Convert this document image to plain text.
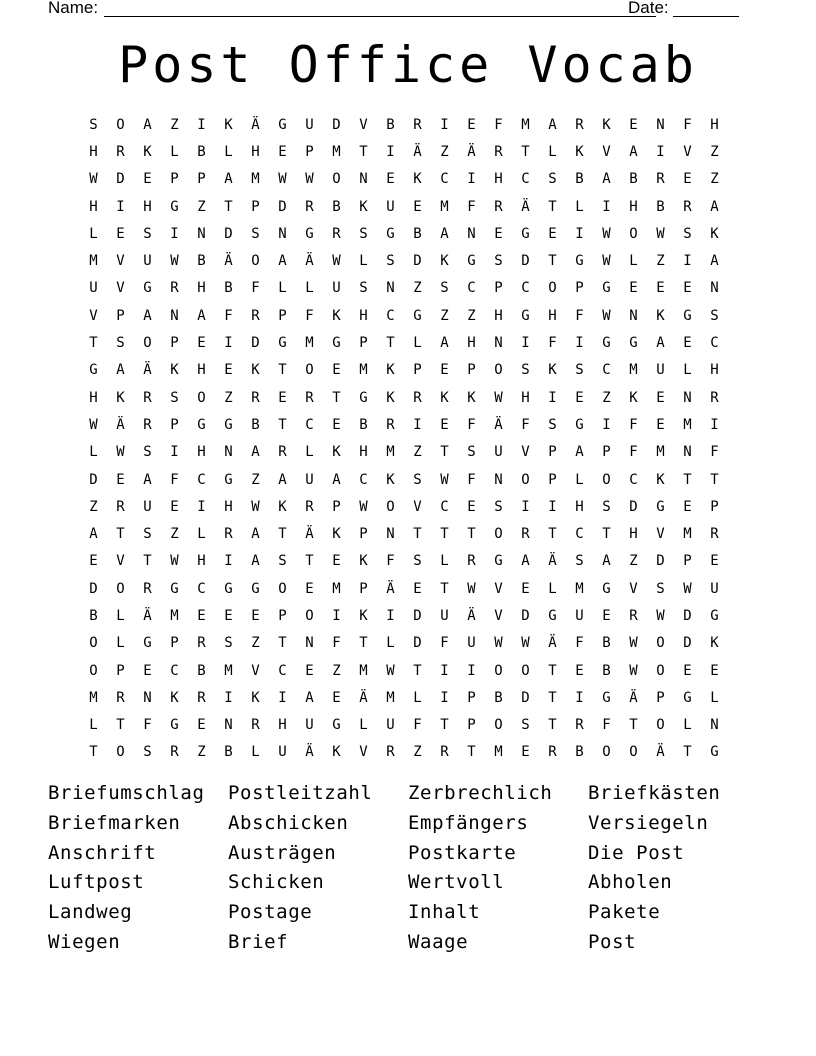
Name:	Date:
Post Office Vocab
S	O	A	Z	I	K	Ä	G	U	D	V	B	R	I	E	F	M	A	R	K	E	N	F	H
H	R	K	L	B	L	H	E	P	M	T	I	Ä	Z	Ä	R	T	L	K	V	A	I	V	Z
W	D	E	P	P	A	M	W	W	O	N	E	K	C	I	H	C	S	B	A	B	R	E	Z
H	I	H	G	Z	T	P	D	R	B	K	U	E	M	F	R	Ä	T	L	I	H	B	R	A
L	E	S	I	N	D	S	N	G	R	S	G	B	A	N	E	G	E	I	W	O	W	S	K
M	V	U	W	B	Ä	O	A	Ä	W	L	S	D	K	G	S	D	T	G	W	L	Z	I	A
U	V	G	R	H	B	F	L	L	U	S	N	Z	S	C	P	C	O	P	G	E	E	E	N
V	P	A	N	A	F	R	P	F	K	H	C	G	Z	Z	H	G	H	F	W	N	K	G	S
T	S	O	P	E	I	D	G	M	G	P	T	L	A	H	N	I	F	I	G	G	A	E	C
G	A	Ä	K	H	E	K	T	O	E	M	K	P	E	P	O	S	K	S	C	M	U	L	H
H	K	R	S	O	Z	R	E	R	T	G	K	R	K	K	W	H	I	E	Z	K	E	N	R
W	Ä	R	P	G	G	B	T	C	E	B	R	I	E	F	Ä	F	S	G	I	F	E	M	I
L	W	S	I	H	N	A	R	L	K	H	M	Z	T	S	U	V	P	A	P	F	M	N	F
D	E	A	F	C	G	Z	A	U	A	C	K	S	W	F	N	O	P	L	O	C	K	T	T
Z	R	U	E	I	H	W	K	R	P	W	O	V	C	E	S	I	I	H	S	D	G	E	P
A	T	S	Z	L	R	A	T	Ä	K	P	N	T	T	T	O	R	T	C	T	H	V	M	R
E	V	T	W	H	I	A	S	T	E	K	F	S	L	R	G	A	Ä	S	A	Z	D	P	E
D	O	R	G	C	G	G	O	E	M	P	Ä	E	T	W	V	E	L	M	G	V	S	W	U
B	L	Ä	M	E	E	E	P	O	I	K	I	D	U	Ä	V	D	G	U	E	R	W	D	G
O	L	G	P	R	S	Z	T	N	F	T	L	D	F	U	W	W	Ä	F	B	W	O	D	K
O	P	E	C	B	M	V	C	E	Z	M	W	T	I	I	O	O	T	E	B	W	O	E	E
M	R	N	K	R	I	K	I	A	E	Ä	M	L	I	P	B	D	T	I	G	Ä	P	G	L
L	T	F	G	E	N	R	H	U	G	L	U	F	T	P	O	S	T	R	F	T	O	L	N
T	O	S	R	Z	B	L	U	Ä	K	V	R	Z	R	T	M	E	R	B	O	O	Ä	T	G
Briefumschlag	Postleitzahl	Zerbrechlich	Briefkästen
Briefmarken	Abschicken	Empfängers	Versiegeln
Anschrift	Austrägen	Postkarte	Die Post
Luftpost	Schicken	Wertvoll	Abholen
Landweg	Postage	Inhalt	Pakete
Wiegen	Brief	Waage	Post
